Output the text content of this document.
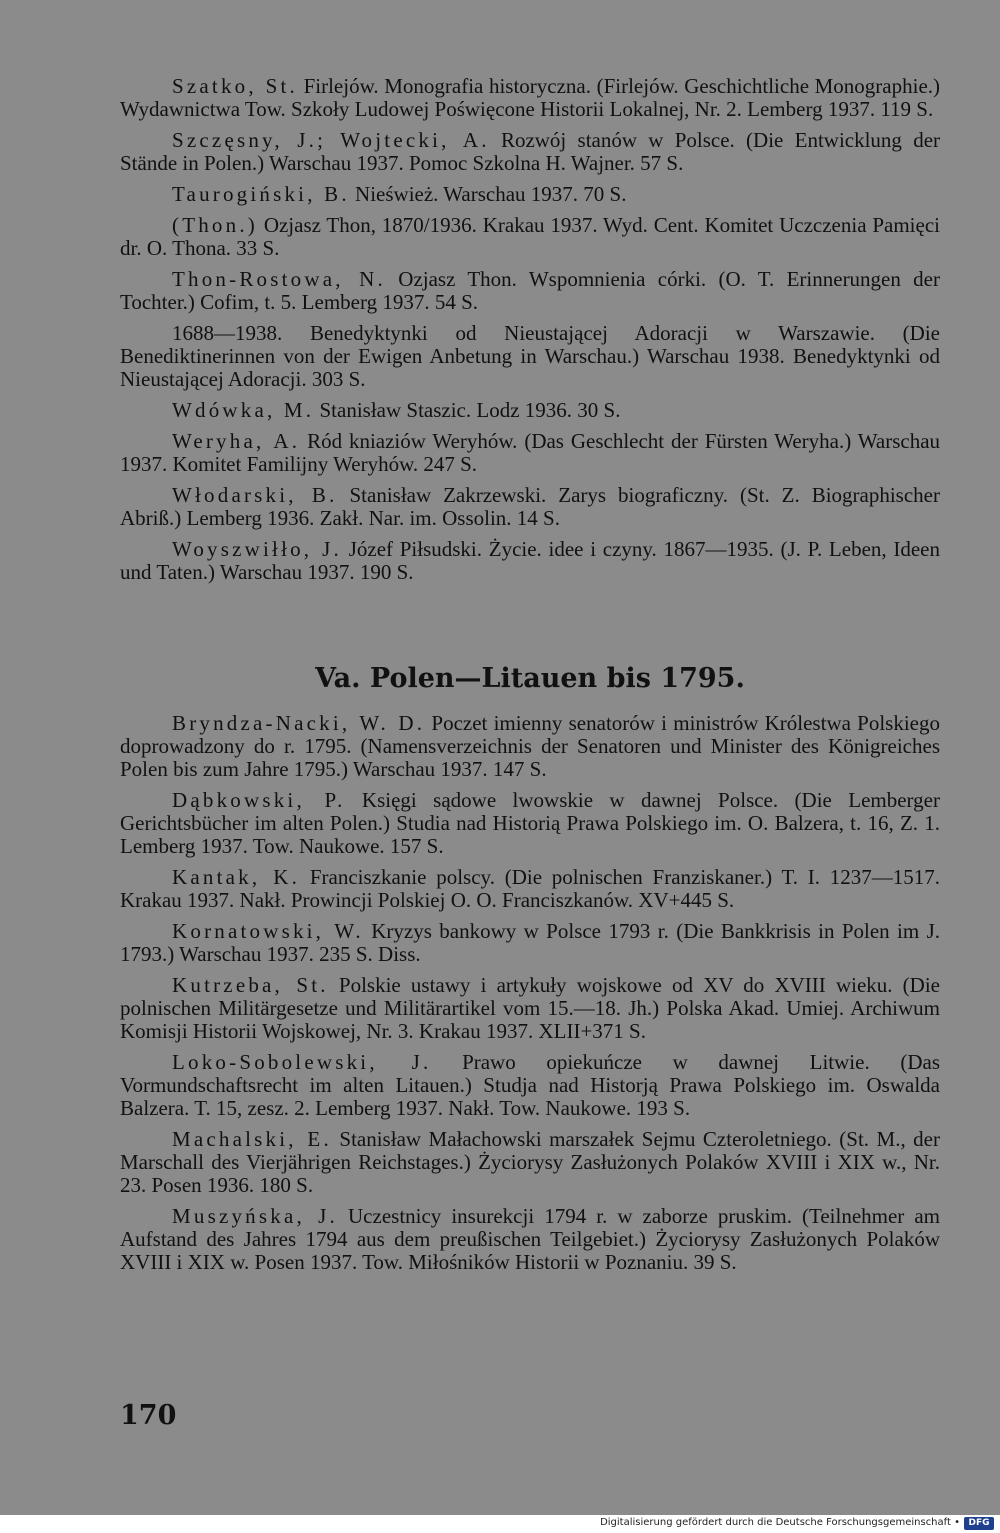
Szatko, St. Firlejów. Monografia historyczna. (Firlejów. Geschichtliche Monographie.) Wydawnictwa Tow. Szkoły Ludowej Poświęcone Historii Lokalnej, Nr. 2. Lemberg 1937. 119 S.

Szczęsny, J.; Wojtecki, A. Rozwój stanów w Polsce. (Die Entwicklung der Stände in Polen.) Warschau 1937. Pomoc Szkolna H. Wajner. 57 S.

Taurogiński, B. Nieśwież. Warschau 1937. 70 S.

(Thon.) Ozjasz Thon, 1870/1936. Krakau 1937. Wyd. Cent. Komitet Uczczenia Pamięci dr. O. Thona. 33 S.

Thon-Rostowa, N. Ozjasz Thon. Wspomnienia córki. (O. T. Erinnerungen der Tochter.) Cofim, t. 5. Lemberg 1937. 54 S.

1688—1938. Benedyktynki od Nieustającej Adoracji w Warszawie. (Die Benediktinerinnen von der Ewigen Anbetung in Warschau.) Warschau 1938. Benedyktynki od Nieustającej Adoracji. 303 S.

Wdówka, M. Stanisław Staszic. Lodz 1936. 30 S.

Weryha, A. Ród kniaziów Weryhów. (Das Geschlecht der Fürsten Weryha.) Warschau 1937. Komitet Familijny Weryhów. 247 S.

Włodarski, B. Stanisław Zakrzewski. Zarys biograficzny. (St. Z. Biographischer Abriß.) Lemberg 1936. Zakł. Nar. im. Ossolin. 14 S.

Woyszwiłło, J. Józef Piłsudski. Życie. idee i czyny. 1867—1935. (J. P. Leben, Ideen und Taten.) Warschau 1937. 190 S.

Va. Polen—Litauen bis 1795.

Bryndza-Nacki, W. D. Poczet imienny senatorów i ministrów Królestwa Polskiego doprowadzony do r. 1795. (Namensverzeichnis der Senatoren und Minister des Königreiches Polen bis zum Jahre 1795.) Warschau 1937. 147 S.

Dąbkowski, P. Księgi sądowe lwowskie w dawnej Polsce. (Die Lemberger Gerichtsbücher im alten Polen.) Studia nad Historią Prawa Polskiego im. O. Balzera, t. 16, Z. 1. Lemberg 1937. Tow. Naukowe. 157 S.

Kantak, K. Franciszkanie polscy. (Die polnischen Franziskaner.) T. I. 1237—1517. Krakau 1937. Nakł. Prowincji Polskiej O. O. Franciszkanów. XV+445 S.

Kornatowski, W. Kryzys bankowy w Polsce 1793 r. (Die Bankkrisis in Polen im J. 1793.) Warschau 1937. 235 S. Diss.

Kutrzeba, St. Polskie ustawy i artykuły wojskowe od XV do XVIII wieku. (Die polnischen Militärgesetze und Militärartikel vom 15.—18. Jh.) Polska Akad. Umiej. Archiwum Komisji Historii Wojskowej, Nr. 3. Krakau 1937. XLII+371 S.

Loko-Sobolewski, J. Prawo opiekuńcze w dawnej Litwie. (Das Vormundschaftsrecht im alten Litauen.) Studja nad Historją Prawa Polskiego im. Oswalda Balzera. T. 15, zesz. 2. Lemberg 1937. Nakł. Tow. Naukowe. 193 S.

Machalski, E. Stanisław Małachowski marszałek Sejmu Czteroletniego. (St. M., der Marschall des Vierjährigen Reichstages.) Życiorysy Zasłużonych Polaków XVIII i XIX w., Nr. 23. Posen 1936. 180 S.

Muszyńska, J. Uczestnicy insurekcji 1794 r. w zaborze pruskim. (Teilnehmer am Aufstand des Jahres 1794 aus dem preußischen Teilgebiet.) Życiorysy Zasłużonych Polaków XVIII i XIX w. Posen 1937. Tow. Miłośników Historii w Poznaniu. 39 S.

170
Digitalisierung gefördert durch die Deutsche Forschungsgemeinschaft • DFG
